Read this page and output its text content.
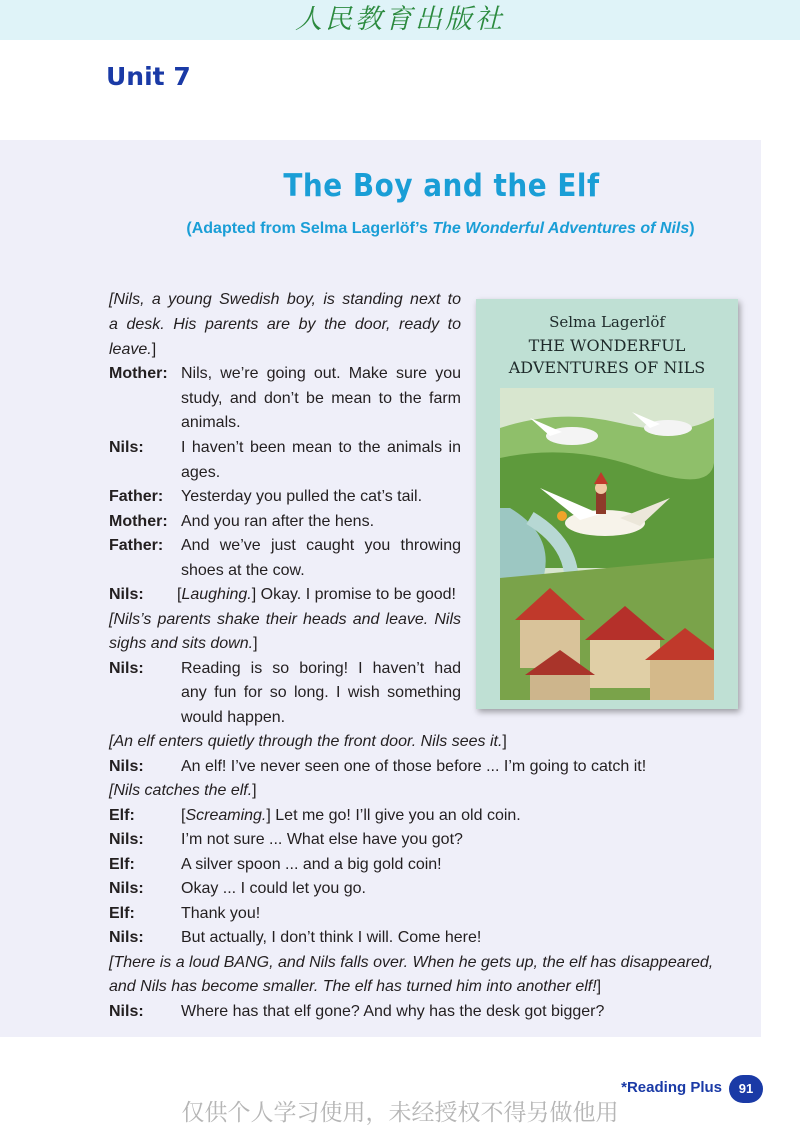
人民教育出版社
Unit 7
The Boy and the Elf
(Adapted from Selma Lagerlöf’s The Wonderful Adventures of Nils)
[Nils, a young Swedish boy, is standing next to
a desk. His parents are by the door, ready to
leave.]
Mother: Nils, we’re going out. Make sure you
study, and don’t be mean to the farm
animals.
Nils: I haven’t been mean to the animals in
ages.
Father: Yesterday you pulled the cat’s tail.
Mother: And you ran after the hens.
Father: And we’ve just caught you throwing
shoes at the cow.
Nils: [Laughing.] Okay. I promise to be good!
[Nils’s parents shake their heads and leave. Nils
sighs and sits down.]
Nils: Reading is so boring! I haven’t had
any fun for so long. I wish something
would happen.
[An elf enters quietly through the front door. Nils sees it.]
Nils: An elf! I’ve never seen one of those before ... I’m going to catch it!
[Nils catches the elf.]
Elf:	[Screaming.] Let me go! I’ll give you an old coin.
Nils: I’m not sure ... What else have you got?
Elf:	A silver spoon ... and a big gold coin!
Nils: Okay ... I could let you go.
Elf:	Thank you!
Nils: But actually, I don’t think I will. Come here!
[There is a loud BANG, and Nils falls over. When he gets up, the elf has disappeared,
and Nils has become smaller. The elf has turned him into another elf!]
Nils: Where has that elf gone? And why has the desk got bigger?
Selma Lagerlöf
THE WONDERFUL
ADVENTURES OF NILS
*Reading Plus	91
仅供个人学习使用，未经授权不得另做他用
